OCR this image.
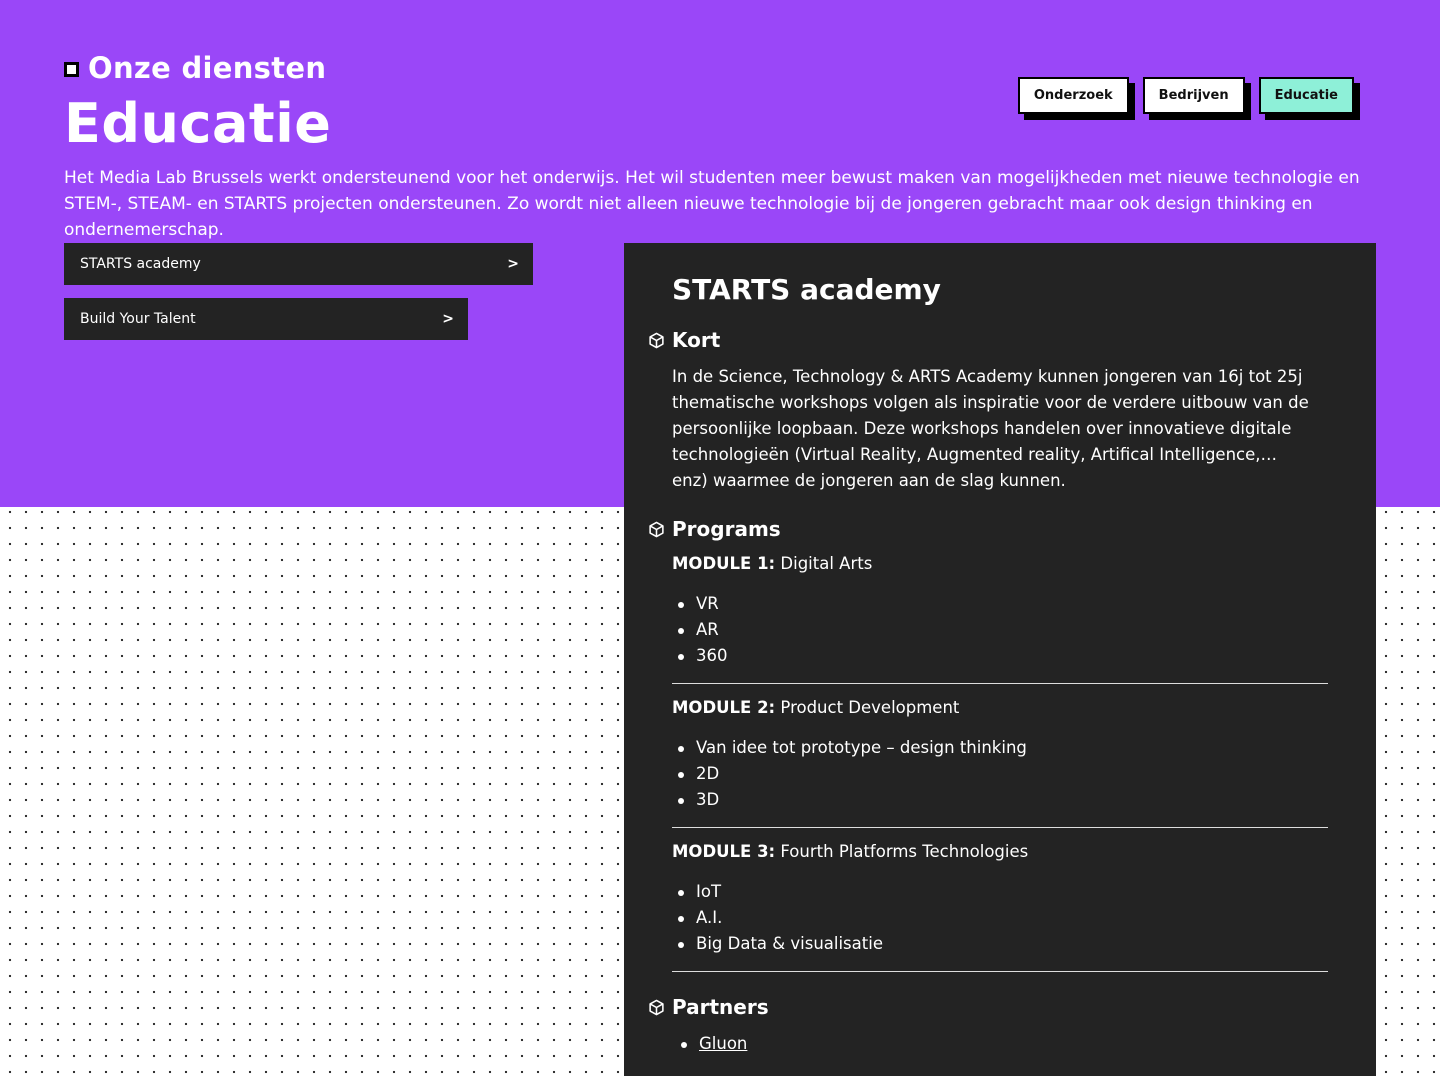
Onze diensten
Educatie

Het Media Lab Brussels werkt ondersteunend voor het onderwijs. Het wil studenten meer bewust maken van mogelijkheden met nieuwe technologie en STEM-, STEAM- en STARTS projecten ondersteunen. Zo wordt niet alleen nieuwe technologie bij de jongeren gebracht maar ook design thinking en ondernemerschap.

Onderzoek	Bedrijven	Educatie
STARTS academy	>
Build Your Talent	>
STARTS academy
Kort

In de Science, Technology & ARTS Academy kunnen jongeren van 16j tot 25j thematische workshops volgen als inspiratie voor de verdere uitbouw van de persoonlijke loopbaan. Deze workshops handelen over innovatieve digitale technologieën (Virtual Reality, Augmented reality, Artifical Intelligence,… enz) waarmee de jongeren aan de slag kunnen.

Programs
MODULE 1: Digital Arts
VR
AR
360
MODULE 2: Product Development
Van idee tot prototype – design thinking
2D
3D
MODULE 3: Fourth Platforms Technologies
IoT
A.I.
Big Data & visualisatie
Partners
Gluon
